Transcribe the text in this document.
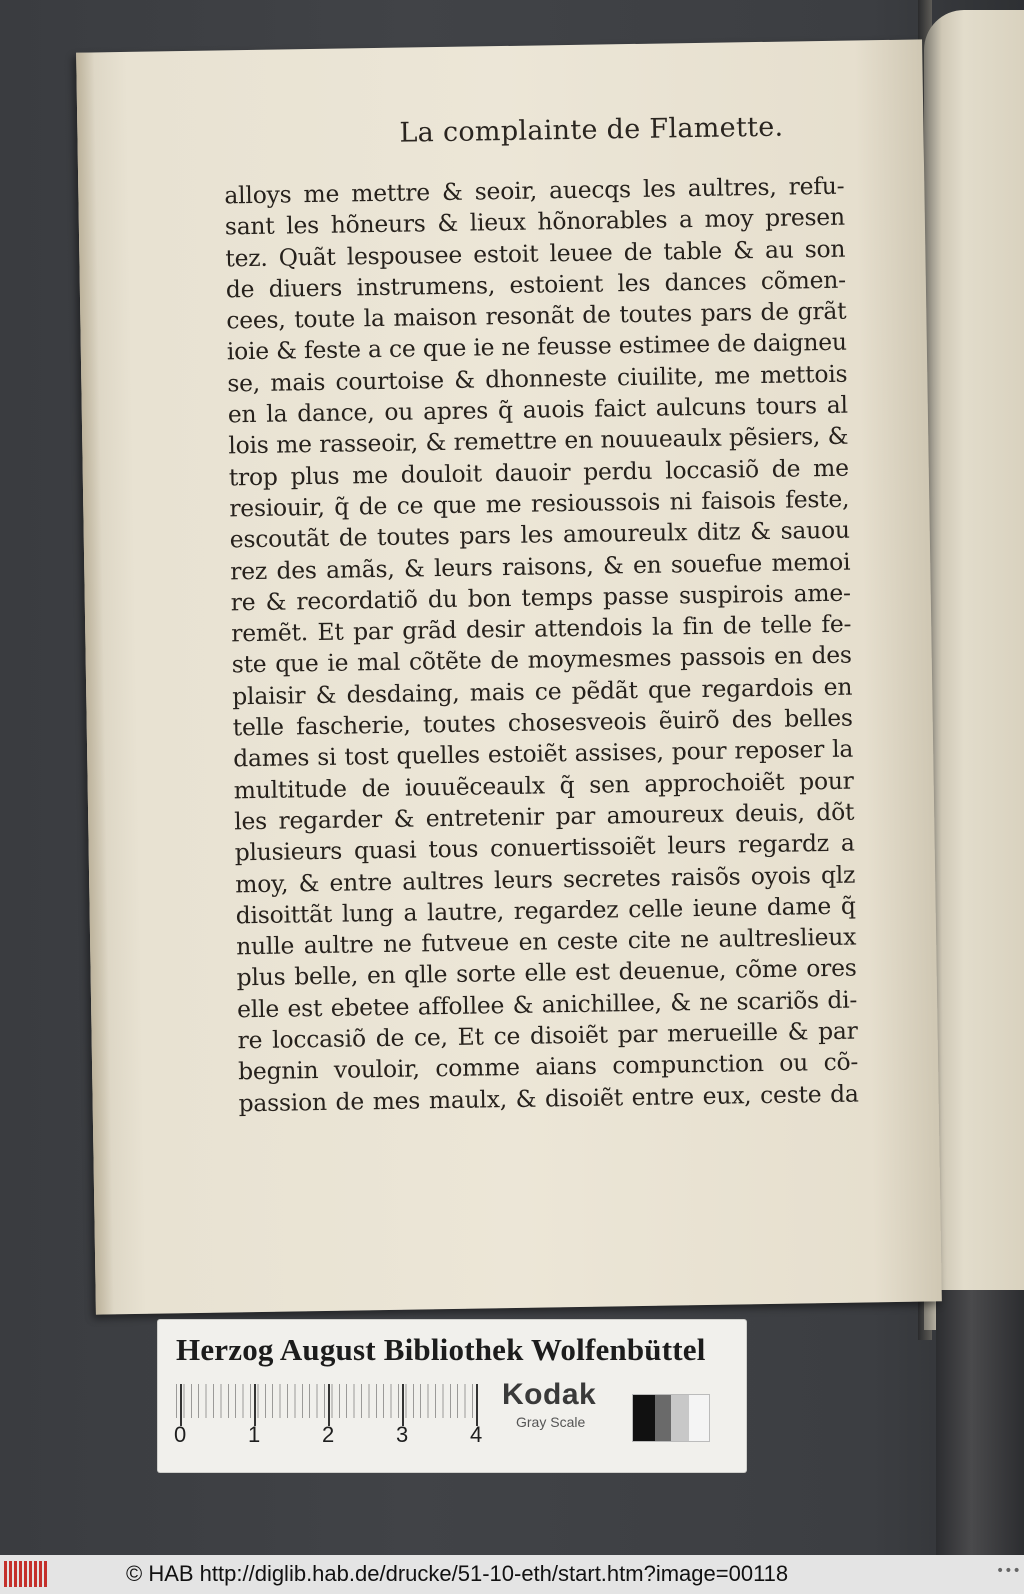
La complainte de Flamette.
alloys me mettre & seoir, auecqs les aultres, refu-
sant les hõneurs & lieux hõnorables a moy presen
tez. Quãt lespousee estoit leuee de table & au son
de diuers instrumens, estoient les dances cõmen-
cees, toute la maison resonãt de toutes pars de grãt
ioie & feste a ce que ie ne feusse estimee de daigneu
se, mais courtoise & dhonneste ciuilite, me mettois
en la dance, ou apres q̃ auois faict aulcuns tours al
lois me rasseoir, & remettre en nouueaulx pẽsiers, &
trop plus me douloit dauoir perdu loccasiõ de me
resiouir, q̃ de ce que me resioussois ni faisois feste,
escoutãt de toutes pars les amoureulx ditz & sauou
rez des amãs, & leurs raisons, & en souefue memoi
re & recordatiõ du bon temps passe suspirois ame-
remẽt. Et par grãd desir attendois la fin de telle fe-
ste que ie mal cõtẽte de moymesmes passois en des
plaisir & desdaing, mais ce pẽdãt que regardois en
telle fascherie, toutes chosesveois ẽuirõ des belles
dames si tost quelles estoiẽt assises, pour reposer la
multitude de iouuẽceaulx q̃ sen approchoiẽt pour
les regarder & entretenir par amoureux deuis, dõt
plusieurs quasi tous conuertissoiẽt leurs regardz a
moy, & entre aultres leurs secretes raisõs oyois qlz
disoittãt lung a lautre, regardez celle ieune dame q̃
nulle aultre ne futveue en ceste cite ne aultreslieux
plus belle, en qlle sorte elle est deuenue, cõme ores
elle est ebetee affollee & anichillee, & ne scariõs di-
re loccasiõ de ce, Et ce disoiẽt par merueille & par
begnin vouloir, comme aians compunction ou cõ-
passion de mes maulx, & disoiẽt entre eux, ceste da
Herzog August Bibliothek Wolfenbüttel
0	1	2	3	4
Kodak
Gray Scale
© HAB http://diglib.hab.de/drucke/51-10-eth/start.htm?image=00118	•••
